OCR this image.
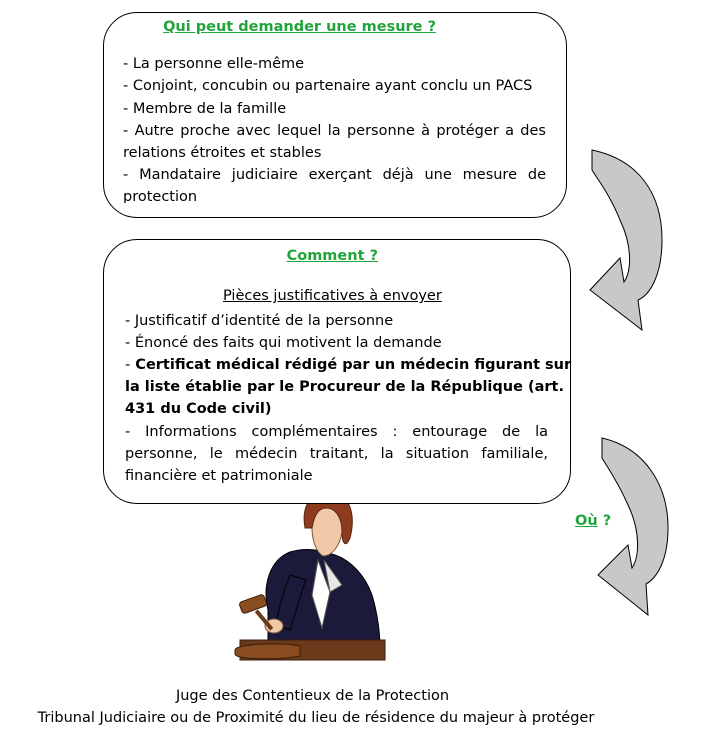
Qui peut demander une mesure ?
- La personne elle-même
- Conjoint, concubin ou partenaire ayant conclu un PACS
- Membre de la famille
- Autre proche avec lequel la personne à protéger a des
relations étroites et stables
- Mandataire judiciaire exerçant déjà une mesure de
protection
Comment ?
Pièces justificatives à envoyer
- Justificatif d’identité de la personne
- Énoncé des faits qui motivent la demande
- Certificat médical rédigé par un médecin figurant sur
la liste établie par le Procureur de la République (art.
431 du Code civil)
- Informations complémentaires : entourage de la
personne, le médecin traitant, la situation familiale,
financière et patrimoniale
Où ?
Juge des Contentieux de la Protection
Tribunal Judiciaire ou de Proximité du lieu de résidence du majeur à protéger
